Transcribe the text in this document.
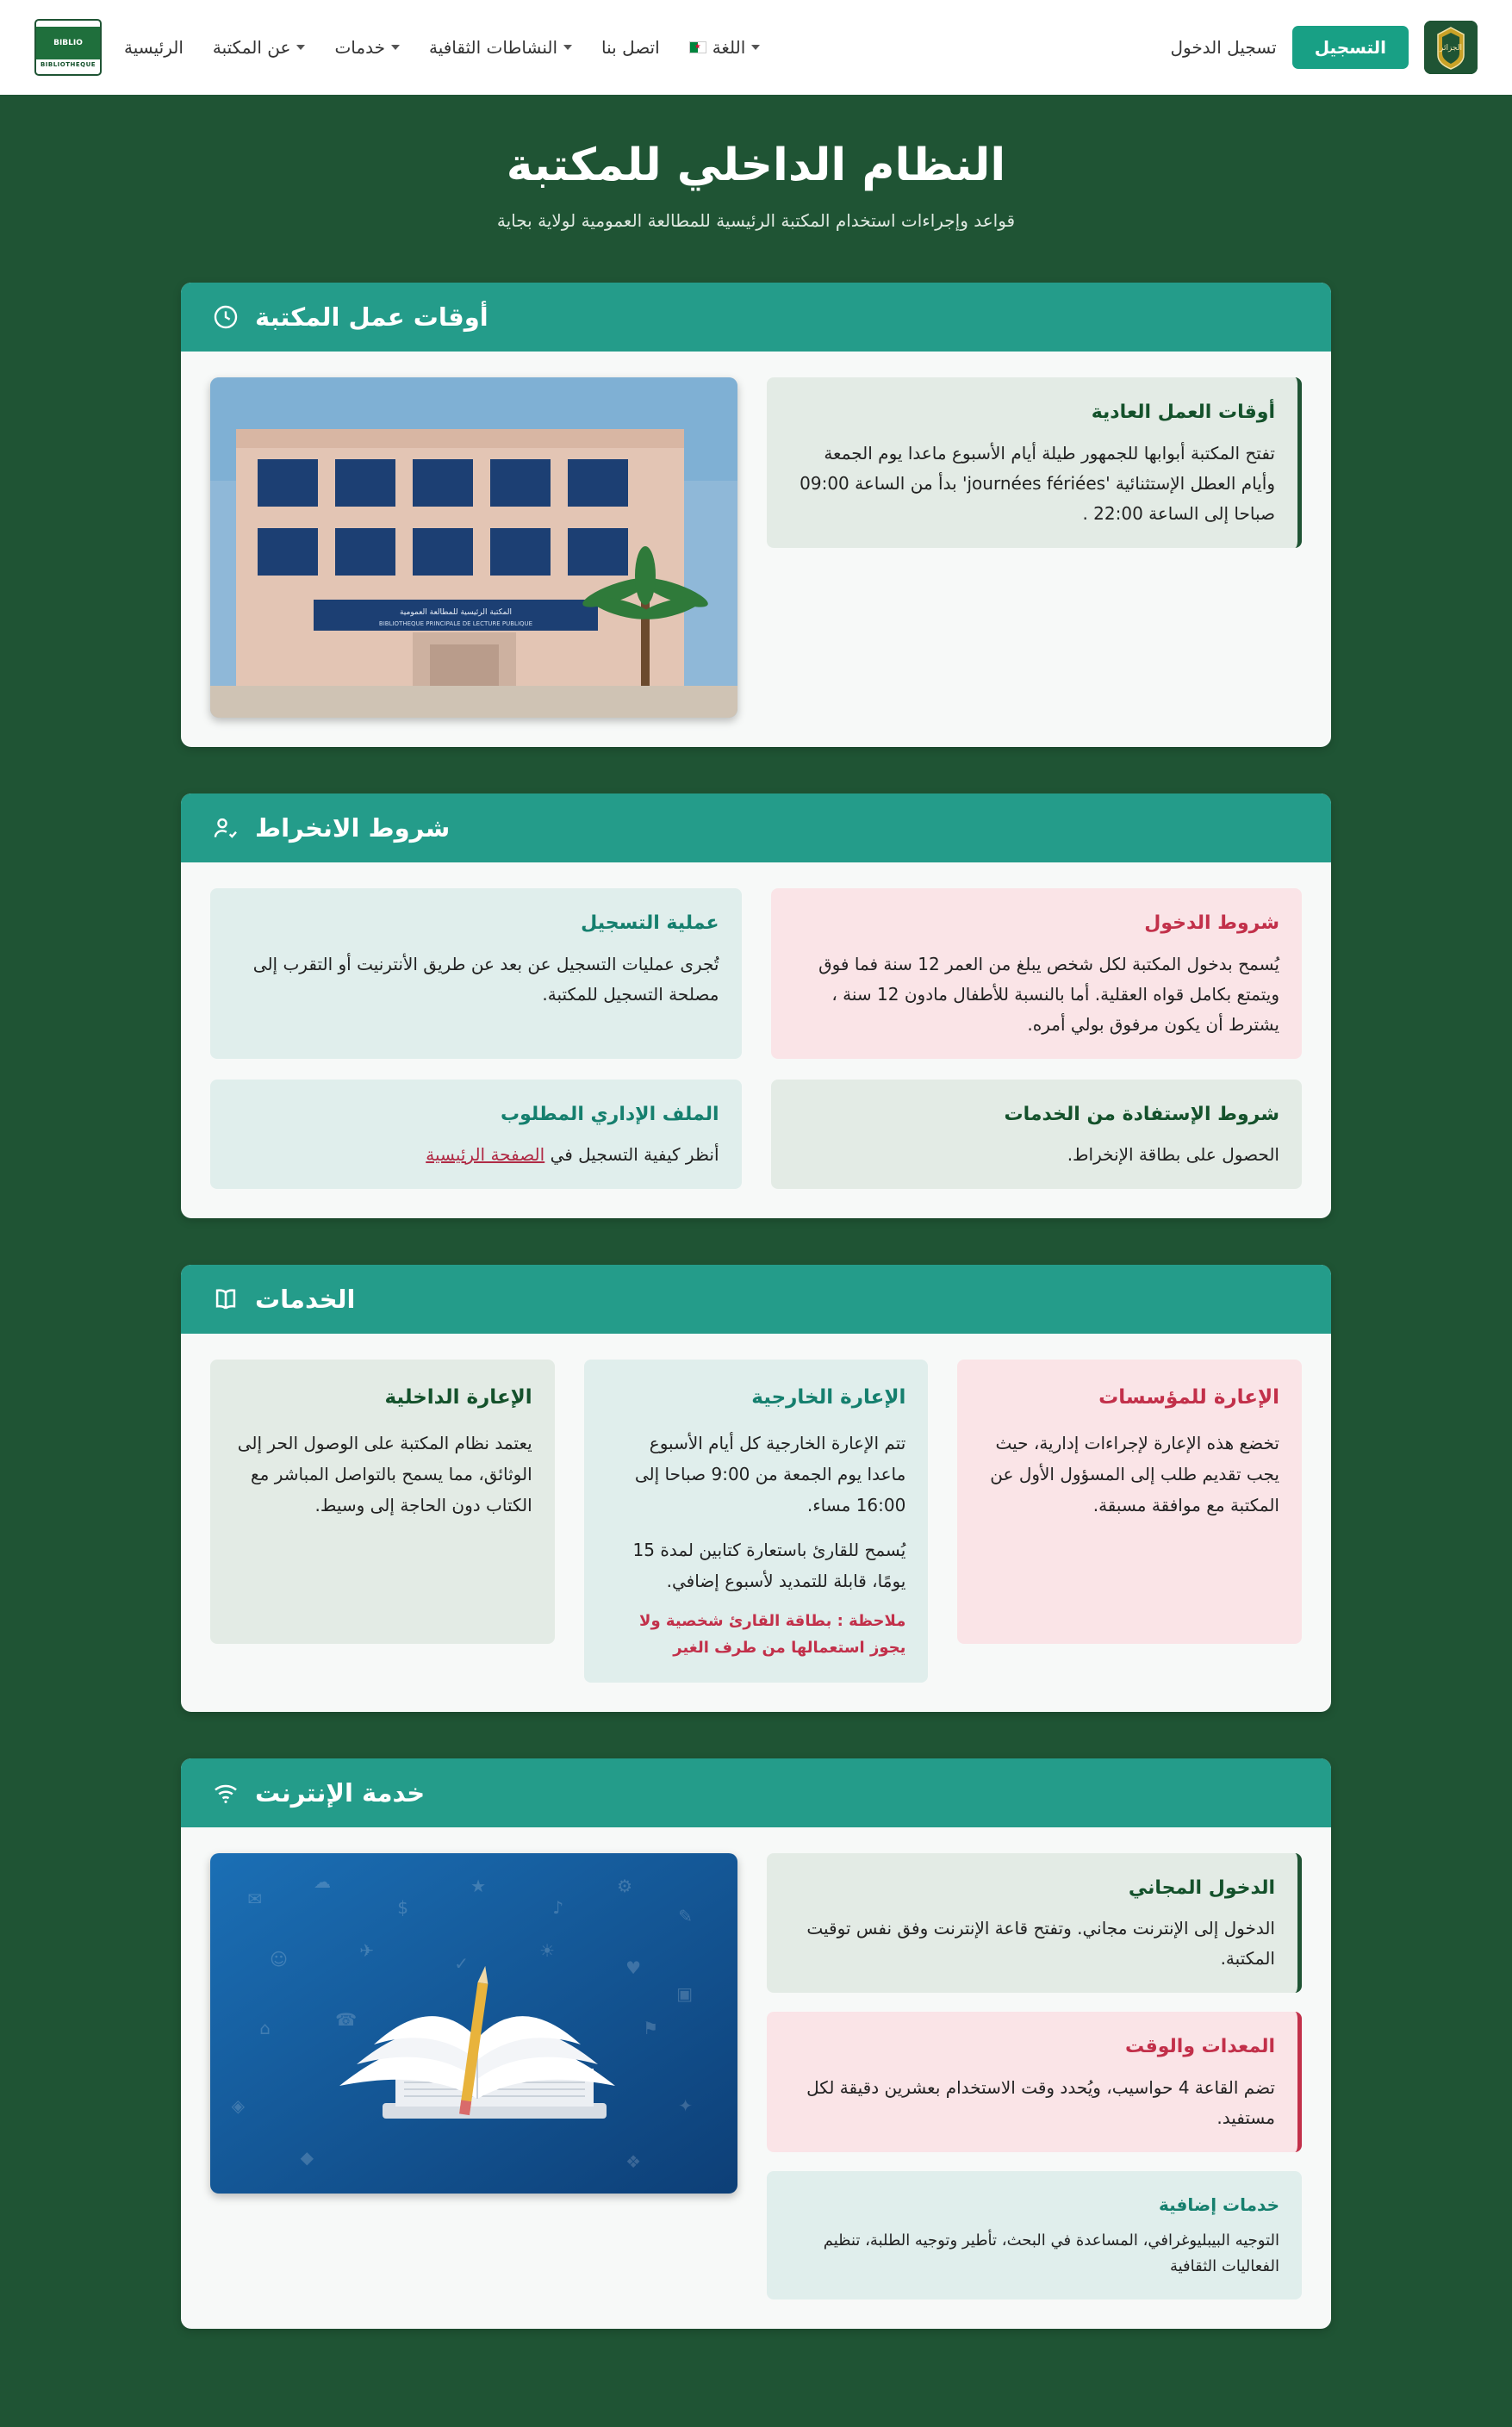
الجزائر
التسجيل
تسجيل الدخول
اللغة
★
اتصل بنا
النشاطات الثقافية
خدمات
عن المكتبة
الرئيسية
BIBLIO
BIBLIOTHEQUE
النظام الداخلي للمكتبة

قواعد وإجراءات استخدام المكتبة الرئيسية للمطالعة العمومية لولاية بجاية

أوقات عمل المكتبة
أوقات العمل العادية
تفتح المكتبة أبوابها للجمهور طيلة أيام الأسبوع ماعدا يوم الجمعة وأيام العطل الإستثنائية 'journées fériées' بدأ من الساعة 09:00 صباحا إلى الساعة 22:00 .
المكتبة الرئيسية للمطالعة العمومية
BIBLIOTHEQUE PRINCIPALE DE LECTURE PUBLIQUE
شروط الانخراط
شروط الدخول
يُسمح بدخول المكتبة لكل شخص يبلغ من العمر 12 سنة فما فوق ويتمتع بكامل قواه العقلية. أما بالنسبة للأطفال مادون 12 سنة ، يشترط أن يكون مرفوق بولي أمره.
عملية التسجيل
تُجرى عمليات التسجيل عن بعد عن طريق الأنترنيت أو التقرب إلى مصلحة التسجيل للمكتبة.
شروط الإستفادة من الخدمات
الحصول على بطاقة الإنخراط.
الملف الإداري المطلوب
أنظر كيفية التسجيل في الصفحة الرئيسية
الخدمات
الإعارة للمؤسسات
تخضع هذه الإعارة لإجراءات إدارية، حيث يجب تقديم طلب إلى المسؤول الأول عن المكتبة مع موافقة مسبقة.
الإعارة الخارجية
تتم الإعارة الخارجية كل أيام الأسبوع ماعدا يوم الجمعة من 9:00 صباحا إلى 16:00 مساء.
يُسمح للقارئ باستعارة كتابين لمدة 15 يومًا، قابلة للتمديد لأسبوع إضافي.
ملاحظة : بطاقة القارئ شخصية ولا يجوز استعمالها من طرف الغير
الإعارة الداخلية
يعتمد نظام المكتبة على الوصول الحر إلى الوثائق، مما يسمح بالتواصل المباشر مع الكتاب دون الحاجة إلى وسيط.
خدمة الإنترنت
الدخول المجاني
الدخول إلى الإنترنت مجاني. وتفتح قاعة الإنترنت وفق نفس توقيت المكتبة.
المعدات والوقت
تضم القاعة 4 حواسيب، ويُحدد وقت الاستخدام بعشرين دقيقة لكل مستفيد.
خدمات إضافية
التوجيه البيبليوغرافي، المساعدة في البحث، تأطير وتوجيه الطلبة، تنظيم الفعاليات الثقافية
✉
☁
$
★
♪
⚙
✎
☺	✈
✓
☀
♥
⌂	☎	⚑
▣
◈	✦
◆	❖
